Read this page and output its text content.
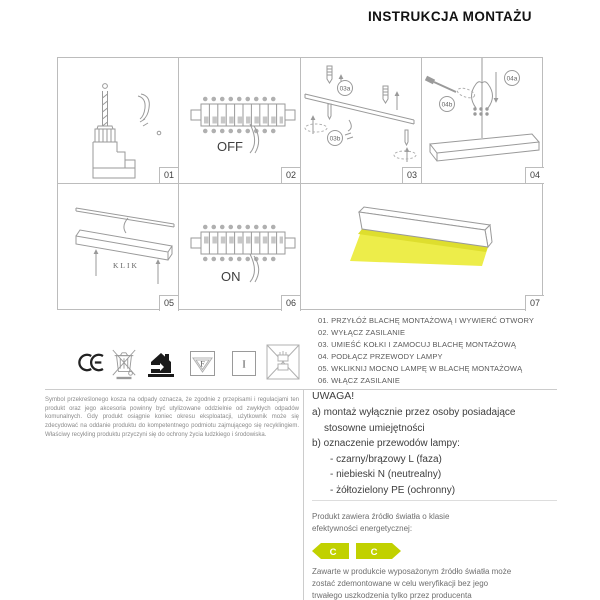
INSTRUKCJA MONTAŻU
01
OFF
02
03a
03b
03
04a
04b
04
KLIK
05
ON
06	07
01. PRZYŁÓŻ BLACHĘ MONTAŻOWĄ I WYWIERĆ OTWORY
02. WYŁĄCZ ZASILANIE
03. UMIEŚĆ KOŁKI I ZAMOCUJ BLACHĘ MONTAŻOWĄ
04. PODŁĄCZ PRZEWODY LAMPY
05. WKLIKNIJ MOCNO LAMPĘ W BLACHĘ MONTAŻOWĄ
06. WŁĄCZ ZASILANIE
F	I
Symbol przekreślonego kosza na odpady oznacza, że zgodnie z przepisami i regulacjami ten produkt oraz jego akcesoria powinny być utylizowane oddzielnie od zwykłych odpadów komunalnych. Gdy produkt osiągnie koniec okresu eksploatacji, użytkownik może się zdecydować na oddanie produktu do kompetentnego podmiotu zajmującego się recyklingiem. Właściwy recykling produktu przyczyni się do ochrony życia ludzkiego i środowiska.
UWAGA!
a) montaż wyłącznie przez osoby posiadające
stosowne umiejętności
b) oznaczenie przewodów lampy:
- czarny/brązowy L (faza)
- niebieski N (neutrealny)
- żółtozielony PE (ochronny)
Produkt zawiera źródło światła o klasie efektywności energetycznej:
C	C
Zawarte w produkcie wyposażonym źródło światła może zostać zdemontowane w celu weryfikacji bez jego trwałego uszkodzenia tylko przez producenta
